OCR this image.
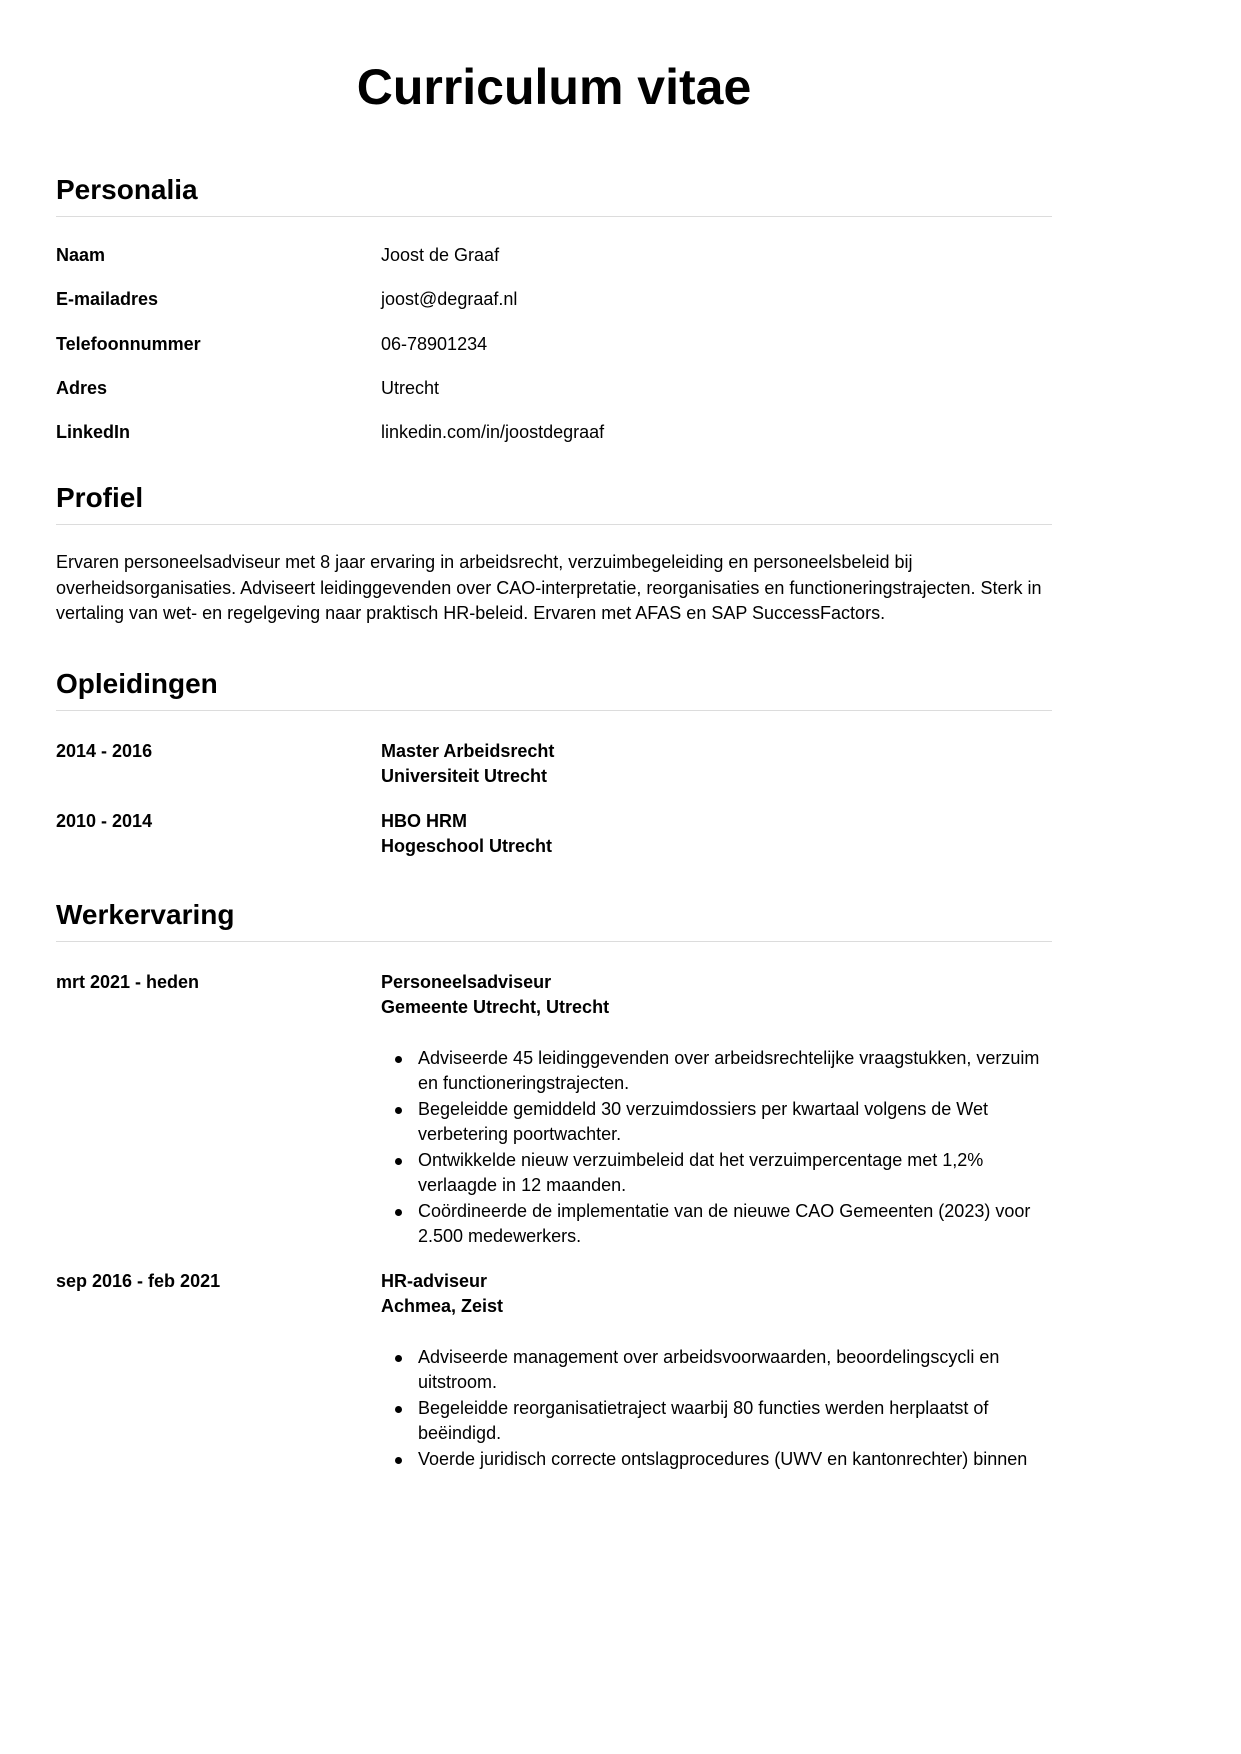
Curriculum vitae
Personalia
Naam	Joost de Graaf
E-mailadres	joost@degraaf.nl
Telefoonnummer	06-78901234
Adres	Utrecht
LinkedIn	linkedin.com/in/joostdegraaf
Profiel

Ervaren personeelsadviseur met 8 jaar ervaring in arbeidsrecht, verzuimbegeleiding en personeelsbeleid bij overheidsorganisaties. Adviseert leidinggevenden over CAO-interpretatie, reorganisaties en functioneringstrajecten. Sterk in vertaling van wet- en regelgeving naar praktisch HR-beleid. Ervaren met AFAS en SAP SuccessFactors.

Opleidingen
2014 - 2016	Master Arbeidsrecht
Universiteit Utrecht
2010 - 2014	HBO HRM
Hogeschool Utrecht
Werkervaring
mrt 2021 - heden	Personeelsadviseur
Gemeente Utrecht, Utrecht
Adviseerde 45 leidinggevenden over arbeidsrechtelijke vraagstukken, verzuim en functioneringstrajecten.
Begeleidde gemiddeld 30 verzuimdossiers per kwartaal volgens de Wet verbetering poortwachter.
Ontwikkelde nieuw verzuimbeleid dat het verzuimpercentage met 1,2% verlaagde in 12 maanden.
Coördineerde de implementatie van de nieuwe CAO Gemeenten (2023) voor 2.500 medewerkers.
sep 2016 - feb 2021	HR-adviseur
Achmea, Zeist
Adviseerde management over arbeidsvoorwaarden, beoordelingscycli en uitstroom.
Begeleidde reorganisatietraject waarbij 80 functies werden herplaatst of beëindigd.
Voerde juridisch correcte ontslagprocedures (UWV en kantonrechter) binnen
